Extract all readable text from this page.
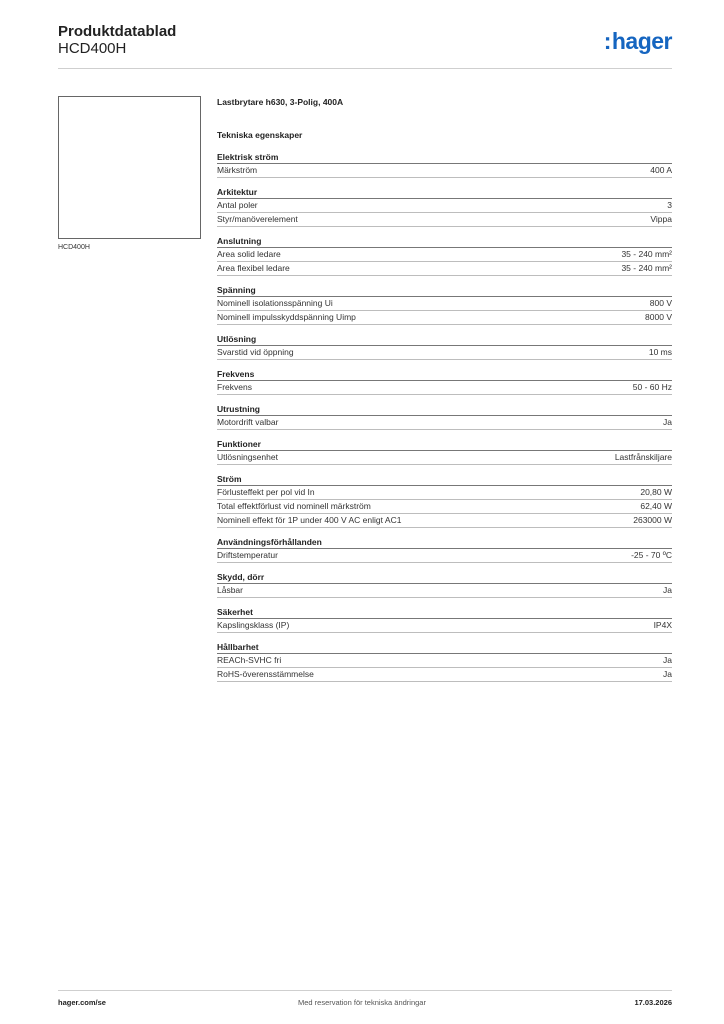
Produktdatablad
HCD400H	:hager
HCD400H
Lastbrytare h630, 3-Polig, 400A
Tekniska egenskaper
Elektrisk ström
Märkström	400 A
Arkitektur
Antal poler	3
Styr/manöverelement	Vippa
Anslutning
Area solid ledare	35 - 240 mm²
Area flexibel ledare	35 - 240 mm²
Spänning
Nominell isolationsspänning Ui	800 V
Nominell impulsskyddspänning Uimp	8000 V
Utlösning
Svarstid vid öppning	10 ms
Frekvens
Frekvens	50 - 60 Hz
Utrustning
Motordrift valbar	Ja
Funktioner
Utlösningsenhet	Lastfrånskiljare
Ström
Förlusteffekt per pol vid In	20,80 W
Total effektförlust vid nominell märkström	62,40 W
Nominell effekt för 1P under 400 V AC enligt AC1	263000 W
Användningsförhållanden
Driftstemperatur	-25 - 70 ºC
Skydd, dörr
Låsbar	Ja
Säkerhet
Kapslingsklass (IP)	IP4X
Hållbarhet
REACh-SVHC fri	Ja
RoHS-överensstämmelse	Ja
hager.com/se	Med reservation för tekniska ändringar	17.03.2026
